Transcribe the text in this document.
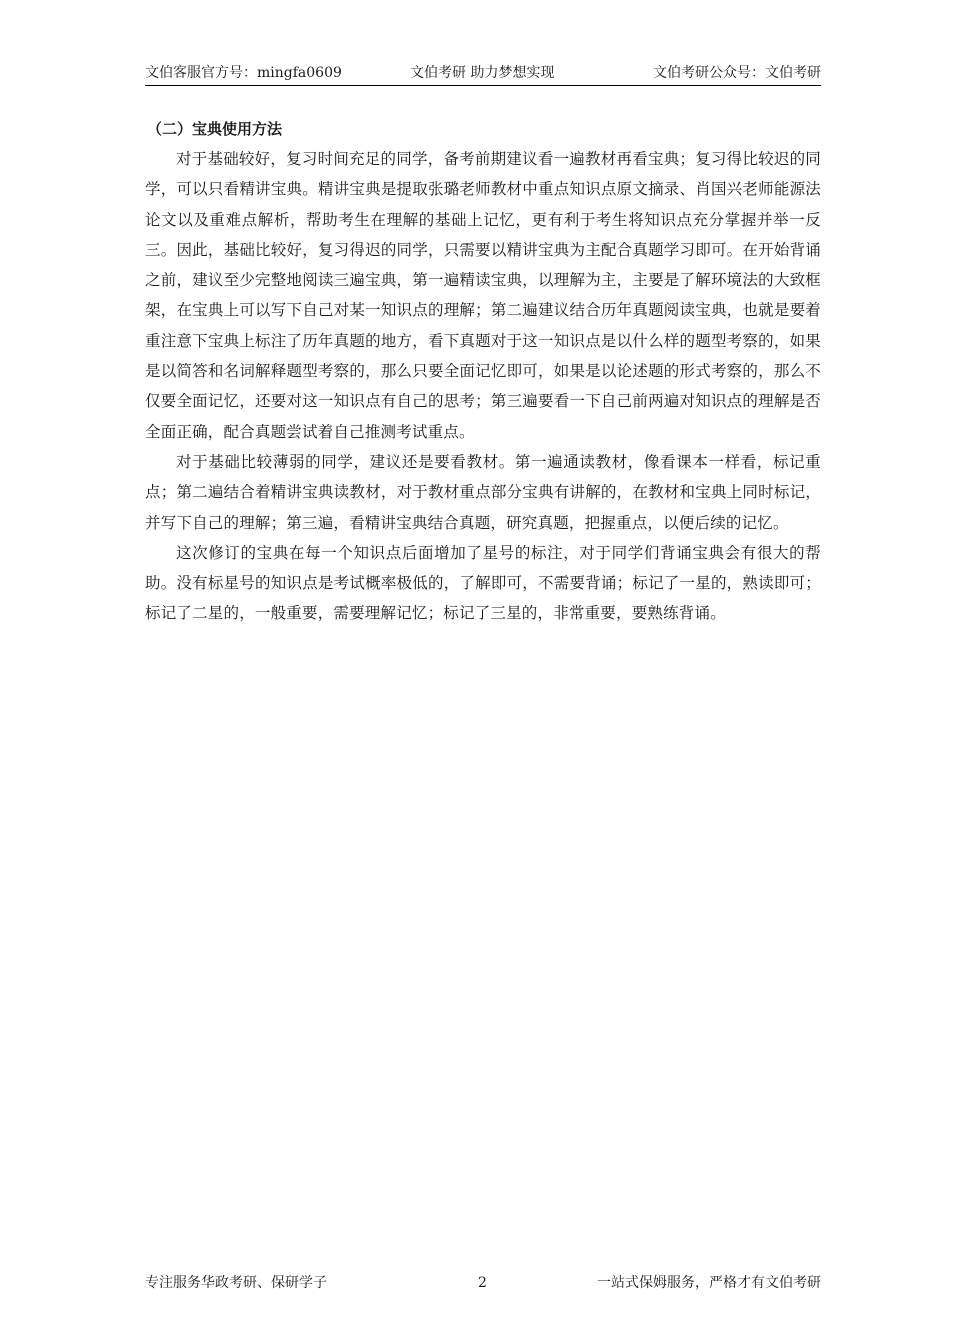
文伯客服官方号：mingfa0609	文伯考研 助力梦想实现	文伯考研公众号：文伯考研
（二）宝典使用方法

对于基础较好，复习时间充足的同学，备考前期建议看一遍教材再看宝典；复习得比较迟的同学，可以只看精讲宝典。精讲宝典是提取张璐老师教材中重点知识点原文摘录、肖国兴老师能源法论文以及重难点解析，帮助考生在理解的基础上记忆，更有利于考生将知识点充分掌握并举一反三。因此，基础比较好，复习得迟的同学，只需要以精讲宝典为主配合真题学习即可。在开始背诵之前，建议至少完整地阅读三遍宝典，第一遍精读宝典，以理解为主，主要是了解环境法的大致框架，在宝典上可以写下自己对某一知识点的理解；第二遍建议结合历年真题阅读宝典，也就是要着重注意下宝典上标注了历年真题的地方，看下真题对于这一知识点是以什么样的题型考察的，如果是以简答和名词解释题型考察的，那么只要全面记忆即可，如果是以论述题的形式考察的，那么不仅要全面记忆，还要对这一知识点有自己的思考；第三遍要看一下自己前两遍对知识点的理解是否全面正确，配合真题尝试着自己推测考试重点。

对于基础比较薄弱的同学，建议还是要看教材。第一遍通读教材，像看课本一样看，标记重点；第二遍结合着精讲宝典读教材，对于教材重点部分宝典有讲解的，在教材和宝典上同时标记，并写下自己的理解；第三遍，看精讲宝典结合真题，研究真题，把握重点，以便后续的记忆。

这次修订的宝典在每一个知识点后面增加了星号的标注，对于同学们背诵宝典会有很大的帮助。没有标星号的知识点是考试概率极低的，了解即可，不需要背诵；标记了一星的，熟读即可；标记了二星的，一般重要，需要理解记忆；标记了三星的，非常重要，要熟练背诵。

专注服务华政考研、保研学子	2	一站式保姆服务，严格才有文伯考研
